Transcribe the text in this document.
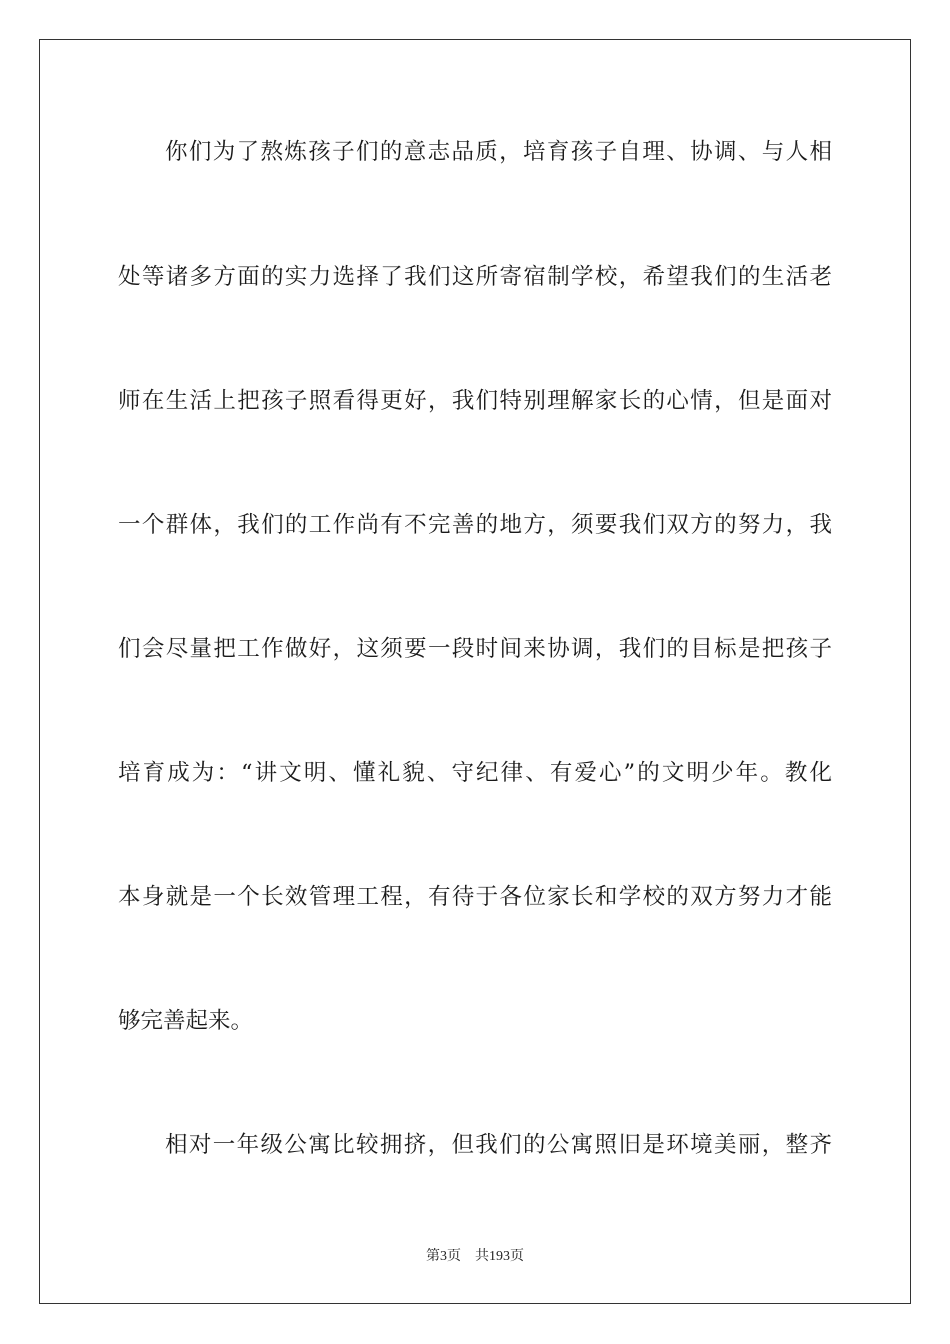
你们为了熬炼孩子们的意志品质，培育孩子自理、协调、与人相
处等诸多方面的实力选择了我们这所寄宿制学校，希望我们的生活老
师在生活上把孩子照看得更好，我们特别理解家长的心情，但是面对
一个群体，我们的工作尚有不完善的地方，须要我们双方的努力，我
们会尽量把工作做好，这须要一段时间来协调，我们的目标是把孩子
培育成为：“讲文明、懂礼貌、守纪律、有爱心”的文明少年。教化
本身就是一个长效管理工程，有待于各位家长和学校的双方努力才能
够完善起来。
相对一年级公寓比较拥挤，但我们的公寓照旧是环境美丽，整齐
第3页 共193页
